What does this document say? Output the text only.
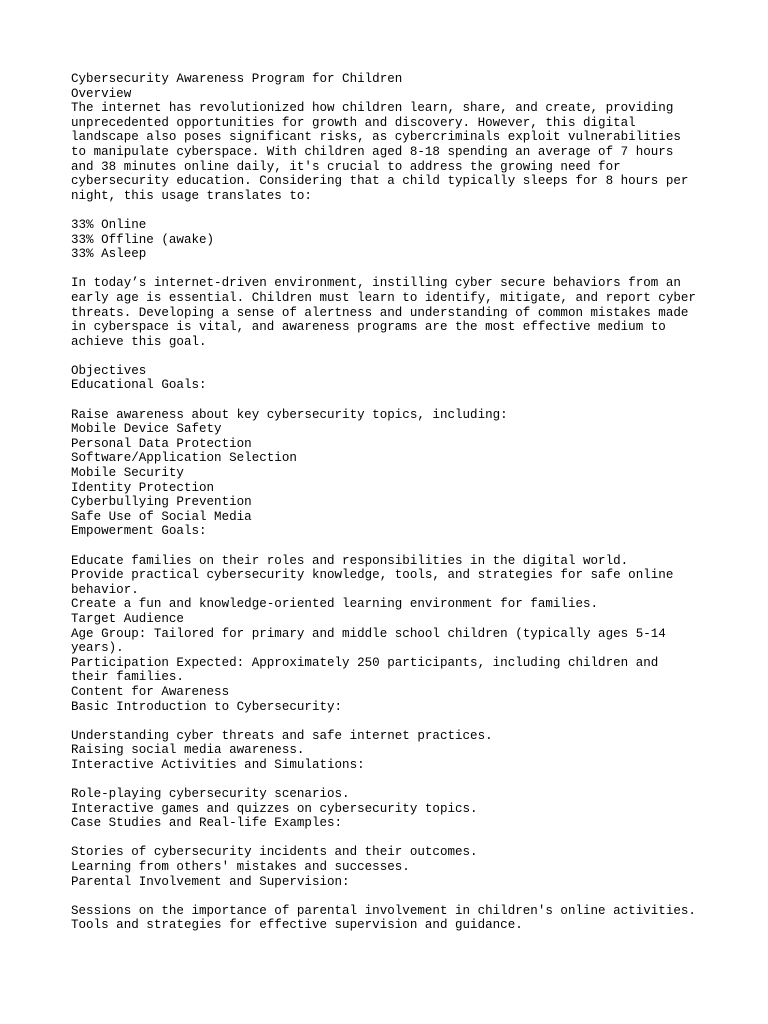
Cybersecurity Awareness Program for Children
Overview
The internet has revolutionized how children learn, share, and create, providing
unprecedented opportunities for growth and discovery. However, this digital
landscape also poses significant risks, as cybercriminals exploit vulnerabilities
to manipulate cyberspace. With children aged 8-18 spending an average of 7 hours
and 38 minutes online daily, it's crucial to address the growing need for
cybersecurity education. Considering that a child typically sleeps for 8 hours per
night, this usage translates to:

33% Online
33% Offline (awake)
33% Asleep

In today’s internet-driven environment, instilling cyber secure behaviors from an
early age is essential. Children must learn to identify, mitigate, and report cyber
threats. Developing a sense of alertness and understanding of common mistakes made
in cyberspace is vital, and awareness programs are the most effective medium to
achieve this goal.

Objectives
Educational Goals:

Raise awareness about key cybersecurity topics, including:
Mobile Device Safety
Personal Data Protection
Software/Application Selection
Mobile Security
Identity Protection
Cyberbullying Prevention
Safe Use of Social Media
Empowerment Goals:

Educate families on their roles and responsibilities in the digital world.
Provide practical cybersecurity knowledge, tools, and strategies for safe online
behavior.
Create a fun and knowledge-oriented learning environment for families.
Target Audience
Age Group: Tailored for primary and middle school children (typically ages 5-14
years).
Participation Expected: Approximately 250 participants, including children and
their families.
Content for Awareness
Basic Introduction to Cybersecurity:

Understanding cyber threats and safe internet practices.
Raising social media awareness.
Interactive Activities and Simulations:

Role-playing cybersecurity scenarios.
Interactive games and quizzes on cybersecurity topics.
Case Studies and Real-life Examples:

Stories of cybersecurity incidents and their outcomes.
Learning from others' mistakes and successes.
Parental Involvement and Supervision:

Sessions on the importance of parental involvement in children's online activities.
Tools and strategies for effective supervision and guidance.
